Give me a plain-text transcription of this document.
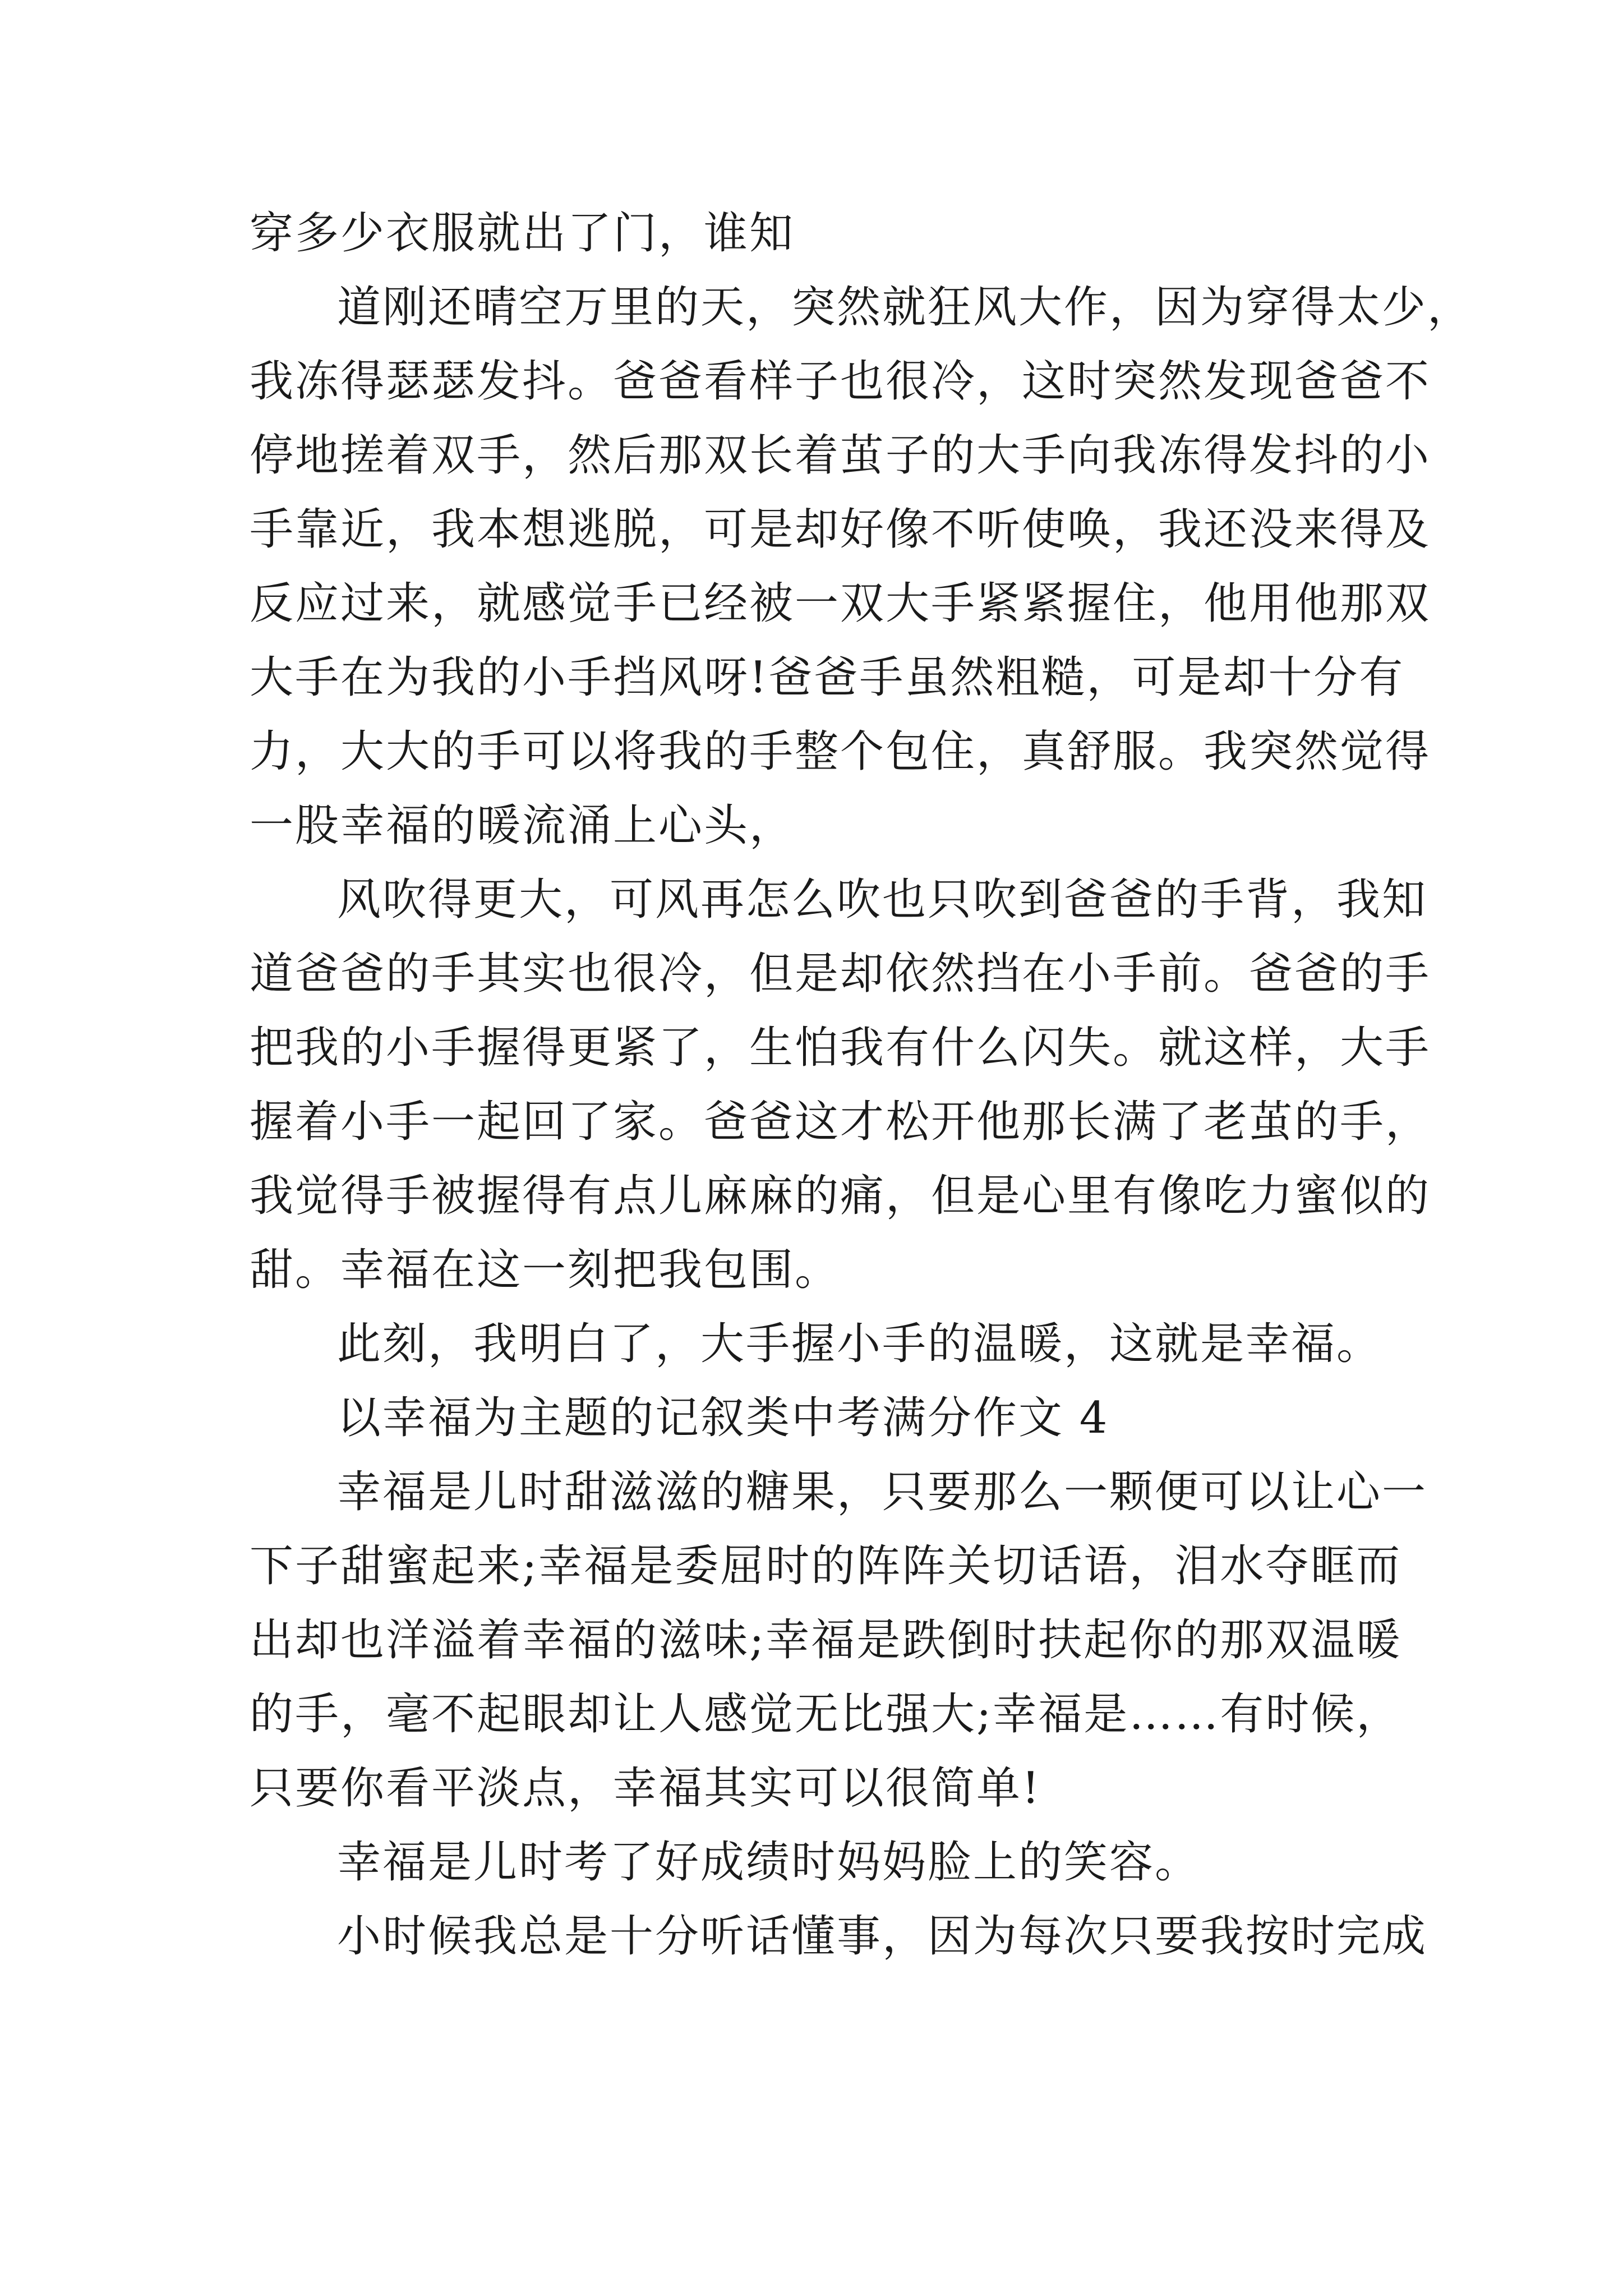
穿多少衣服就出了门，谁知
道刚还晴空万里的天，突然就狂风大作，因为穿得太少，
我冻得瑟瑟发抖。爸爸看样子也很冷，这时突然发现爸爸不
停地搓着双手，然后那双长着茧子的大手向我冻得发抖的小
手靠近，我本想逃脱，可是却好像不听使唤，我还没来得及
反应过来，就感觉手已经被一双大手紧紧握住，他用他那双
大手在为我的小手挡风呀!爸爸手虽然粗糙，可是却十分有
力，大大的手可以将我的手整个包住，真舒服。我突然觉得
一股幸福的暖流涌上心头，
风吹得更大，可风再怎么吹也只吹到爸爸的手背，我知
道爸爸的手其实也很冷，但是却依然挡在小手前。爸爸的手
把我的小手握得更紧了，生怕我有什么闪失。就这样，大手
握着小手一起回了家。爸爸这才松开他那长满了老茧的手，
我觉得手被握得有点儿麻麻的痛，但是心里有像吃力蜜似的
甜。幸福在这一刻把我包围。
此刻，我明白了，大手握小手的温暖，这就是幸福。
以幸福为主题的记叙类中考满分作文 4
幸福是儿时甜滋滋的糖果，只要那么一颗便可以让心一
下子甜蜜起来;幸福是委屈时的阵阵关切话语，泪水夺眶而
出却也洋溢着幸福的滋味;幸福是跌倒时扶起你的那双温暖
的手，毫不起眼却让人感觉无比强大;幸福是……有时候，
只要你看平淡点，幸福其实可以很简单!
幸福是儿时考了好成绩时妈妈脸上的笑容。
小时候我总是十分听话懂事，因为每次只要我按时完成
